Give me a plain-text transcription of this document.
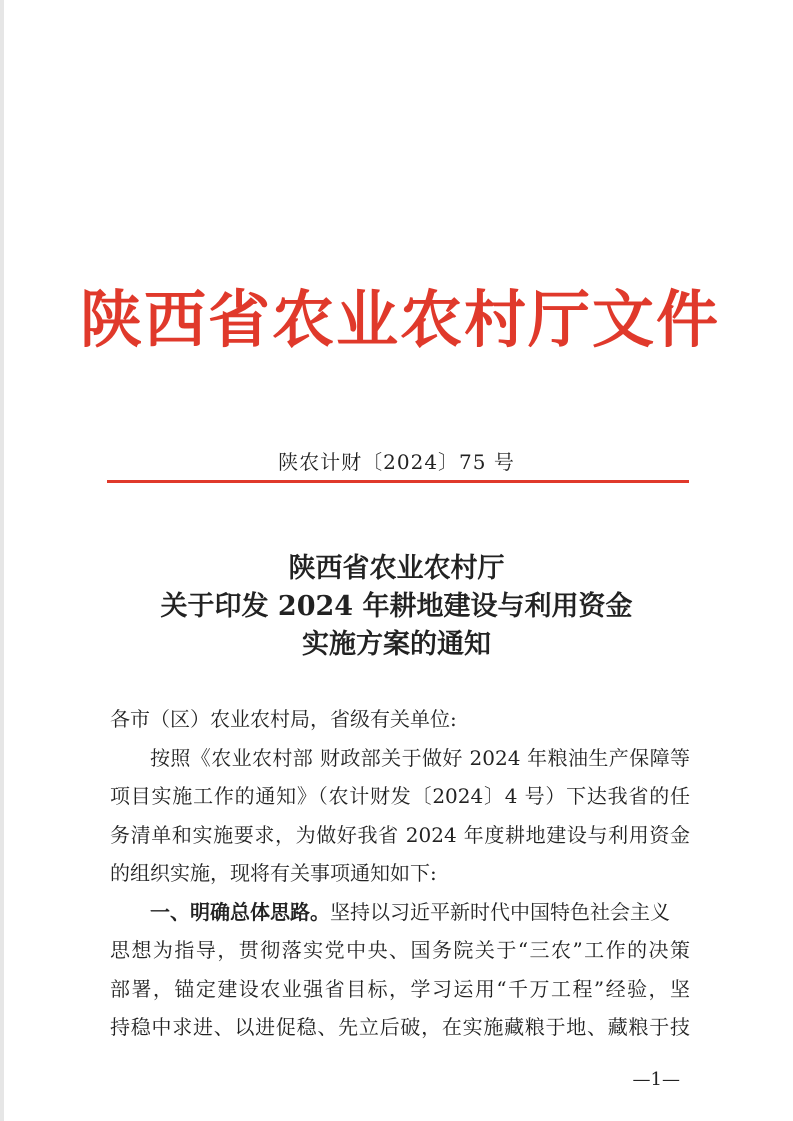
陕西省农业农村厅文件
陕农计财〔2024〕75 号
陕西省农业农村厅
关于印发 2024 年耕地建设与利用资金
实施方案的通知
各市（区）农业农村局，省级有关单位:
按照《农业农村部 财政部关于做好 2024 年粮油生产保障等
项目实施工作的通知》（农计财发〔2024〕4 号）下达我省的任
务清单和实施要求，为做好我省 2024 年度耕地建设与利用资金
的组织实施，现将有关事项通知如下:
一、明确总体思路。坚持以习近平新时代中国特色社会主义
思想为指导，贯彻落实党中央、国务院关于“三农”工作的决策
部署，锚定建设农业强省目标，学习运用“千万工程”经验，坚
持稳中求进、以进促稳、先立后破，在实施藏粮于地、藏粮于技
—1—
